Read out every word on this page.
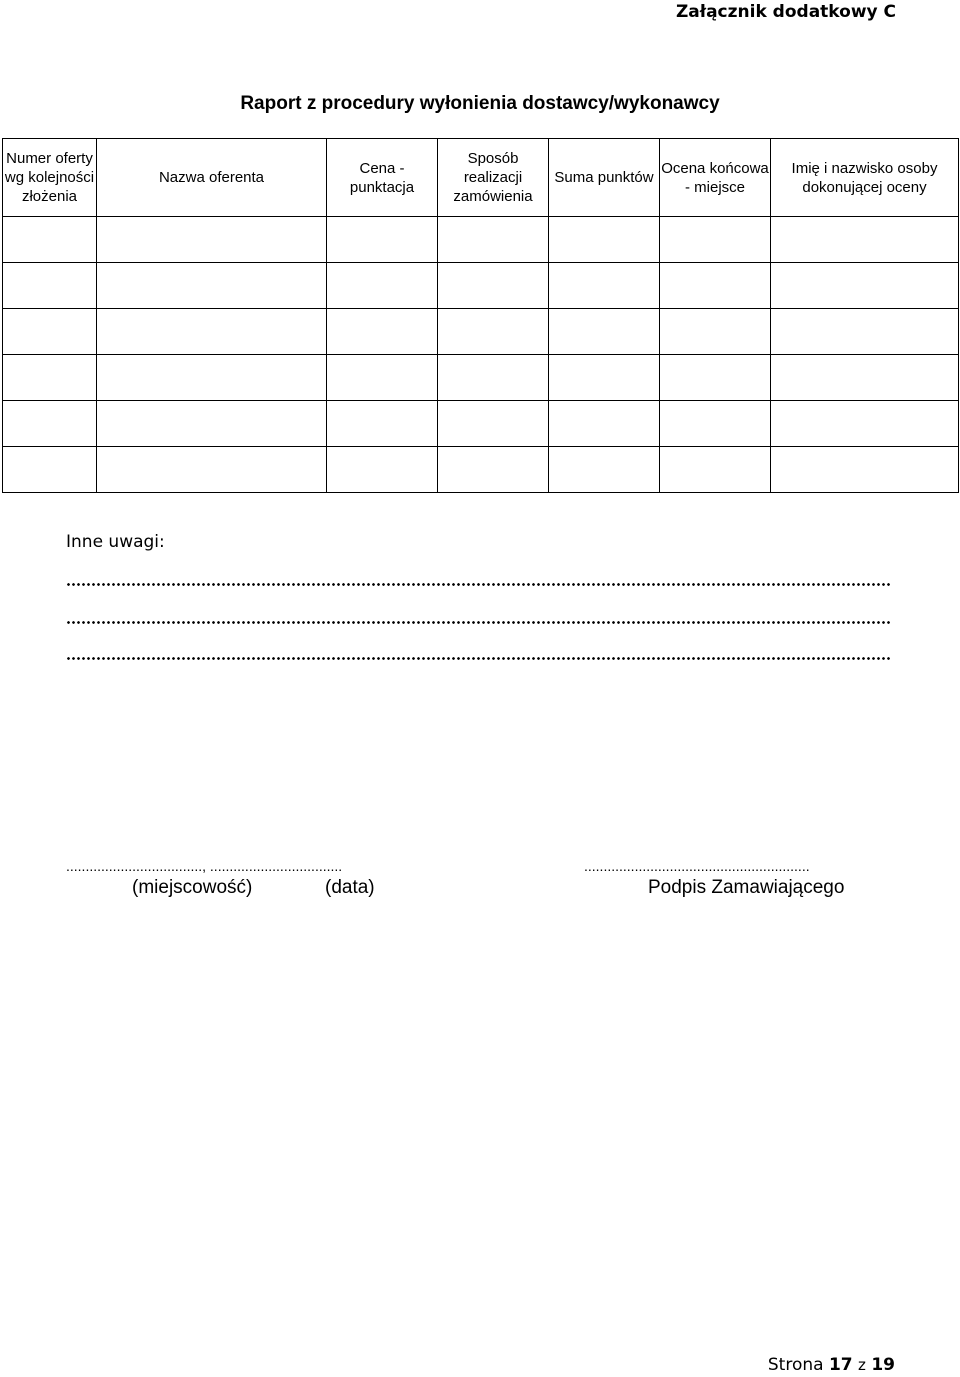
Załącznik dodatkowy C
Raport z procedury wyłonienia dostawcy/wykonawcy
Numer oferty wg kolejności złożenia	Nazwa oferenta	Cena - punktacja	Sposób realizacji zamówienia	Suma punktów	Ocena końcowa - miejsce	Imię i nazwisko osoby dokonującej oceny

Inne uwagi:
..................................., ..................................	..........................................................
(miejscowość)	(data)	Podpis Zamawiającego
Strona 17 z 19
